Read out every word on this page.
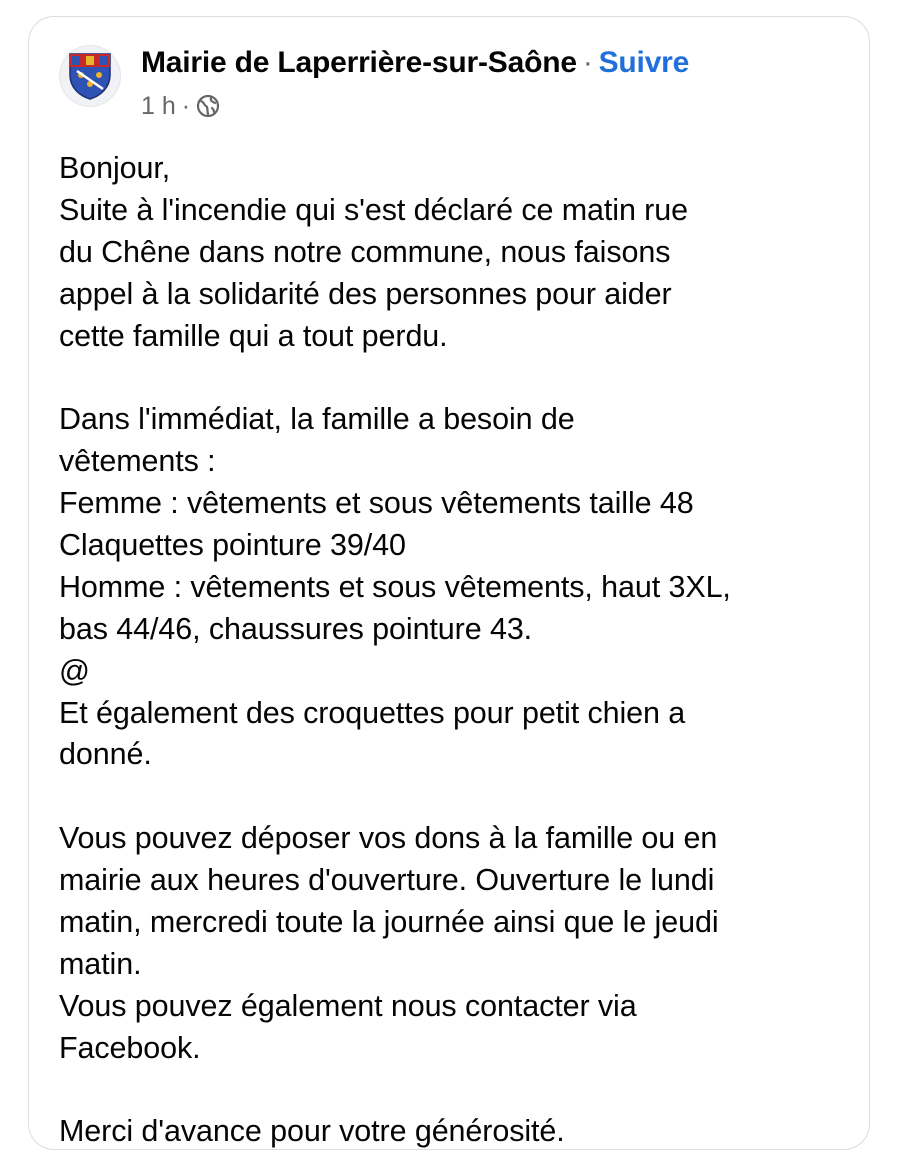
Mairie de Laperrière-sur-Saône · Suivre
1 h ·
Bonjour,
Suite à l'incendie qui s'est déclaré ce matin rue
du Chêne dans notre commune, nous faisons
appel à la solidarité des personnes pour aider
cette famille qui a tout perdu.
Dans l'immédiat, la famille a besoin de
vêtements :
Femme : vêtements et sous vêtements taille 48
Claquettes pointure 39/40
Homme : vêtements et sous vêtements, haut 3XL,
bas 44/46, chaussures pointure 43.
@
Et également des croquettes pour petit chien a
donné.
Vous pouvez déposer vos dons à la famille ou en
mairie aux heures d'ouverture. Ouverture le lundi
matin, mercredi toute la journée ainsi que le jeudi
matin.
Vous pouvez également nous contacter via
Facebook.
Merci d'avance pour votre générosité.
